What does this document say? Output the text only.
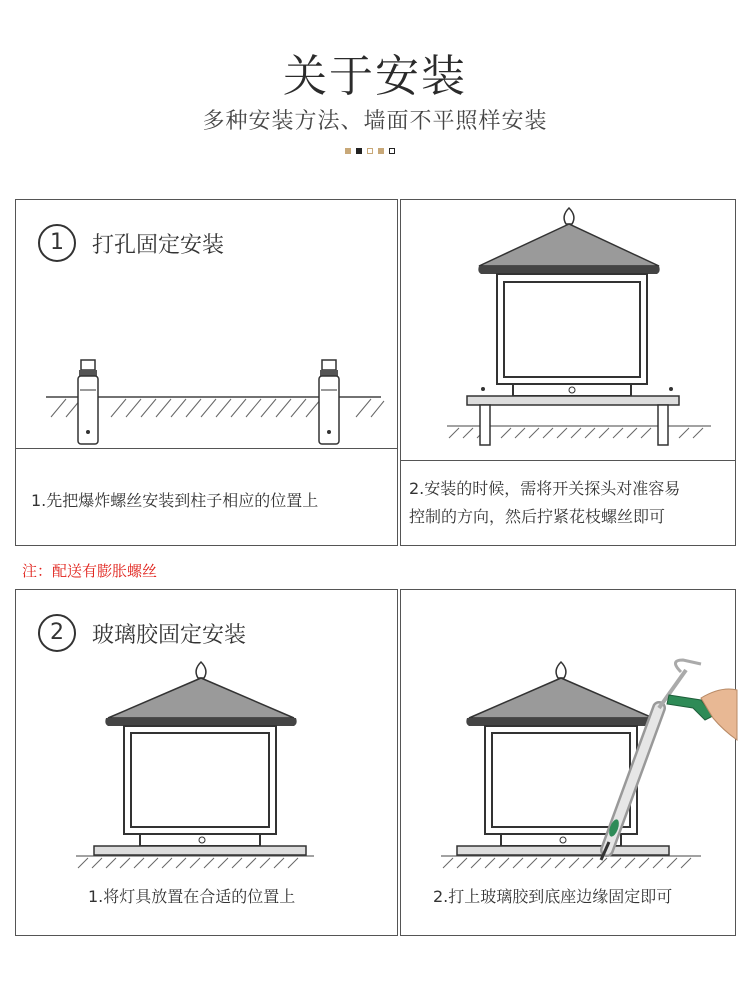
关于安装
多种安装方法、墙面不平照样安装
1	打孔固定安装
1.先把爆炸螺丝安装到柱子相应的位置上
2.安装的时候，需将开关探头对准容易
控制的方向，然后拧紧花枝螺丝即可
注：配送有膨胀螺丝
2	玻璃胶固定安装
1.将灯具放置在合适的位置上	2.打上玻璃胶到底座边缘固定即可
